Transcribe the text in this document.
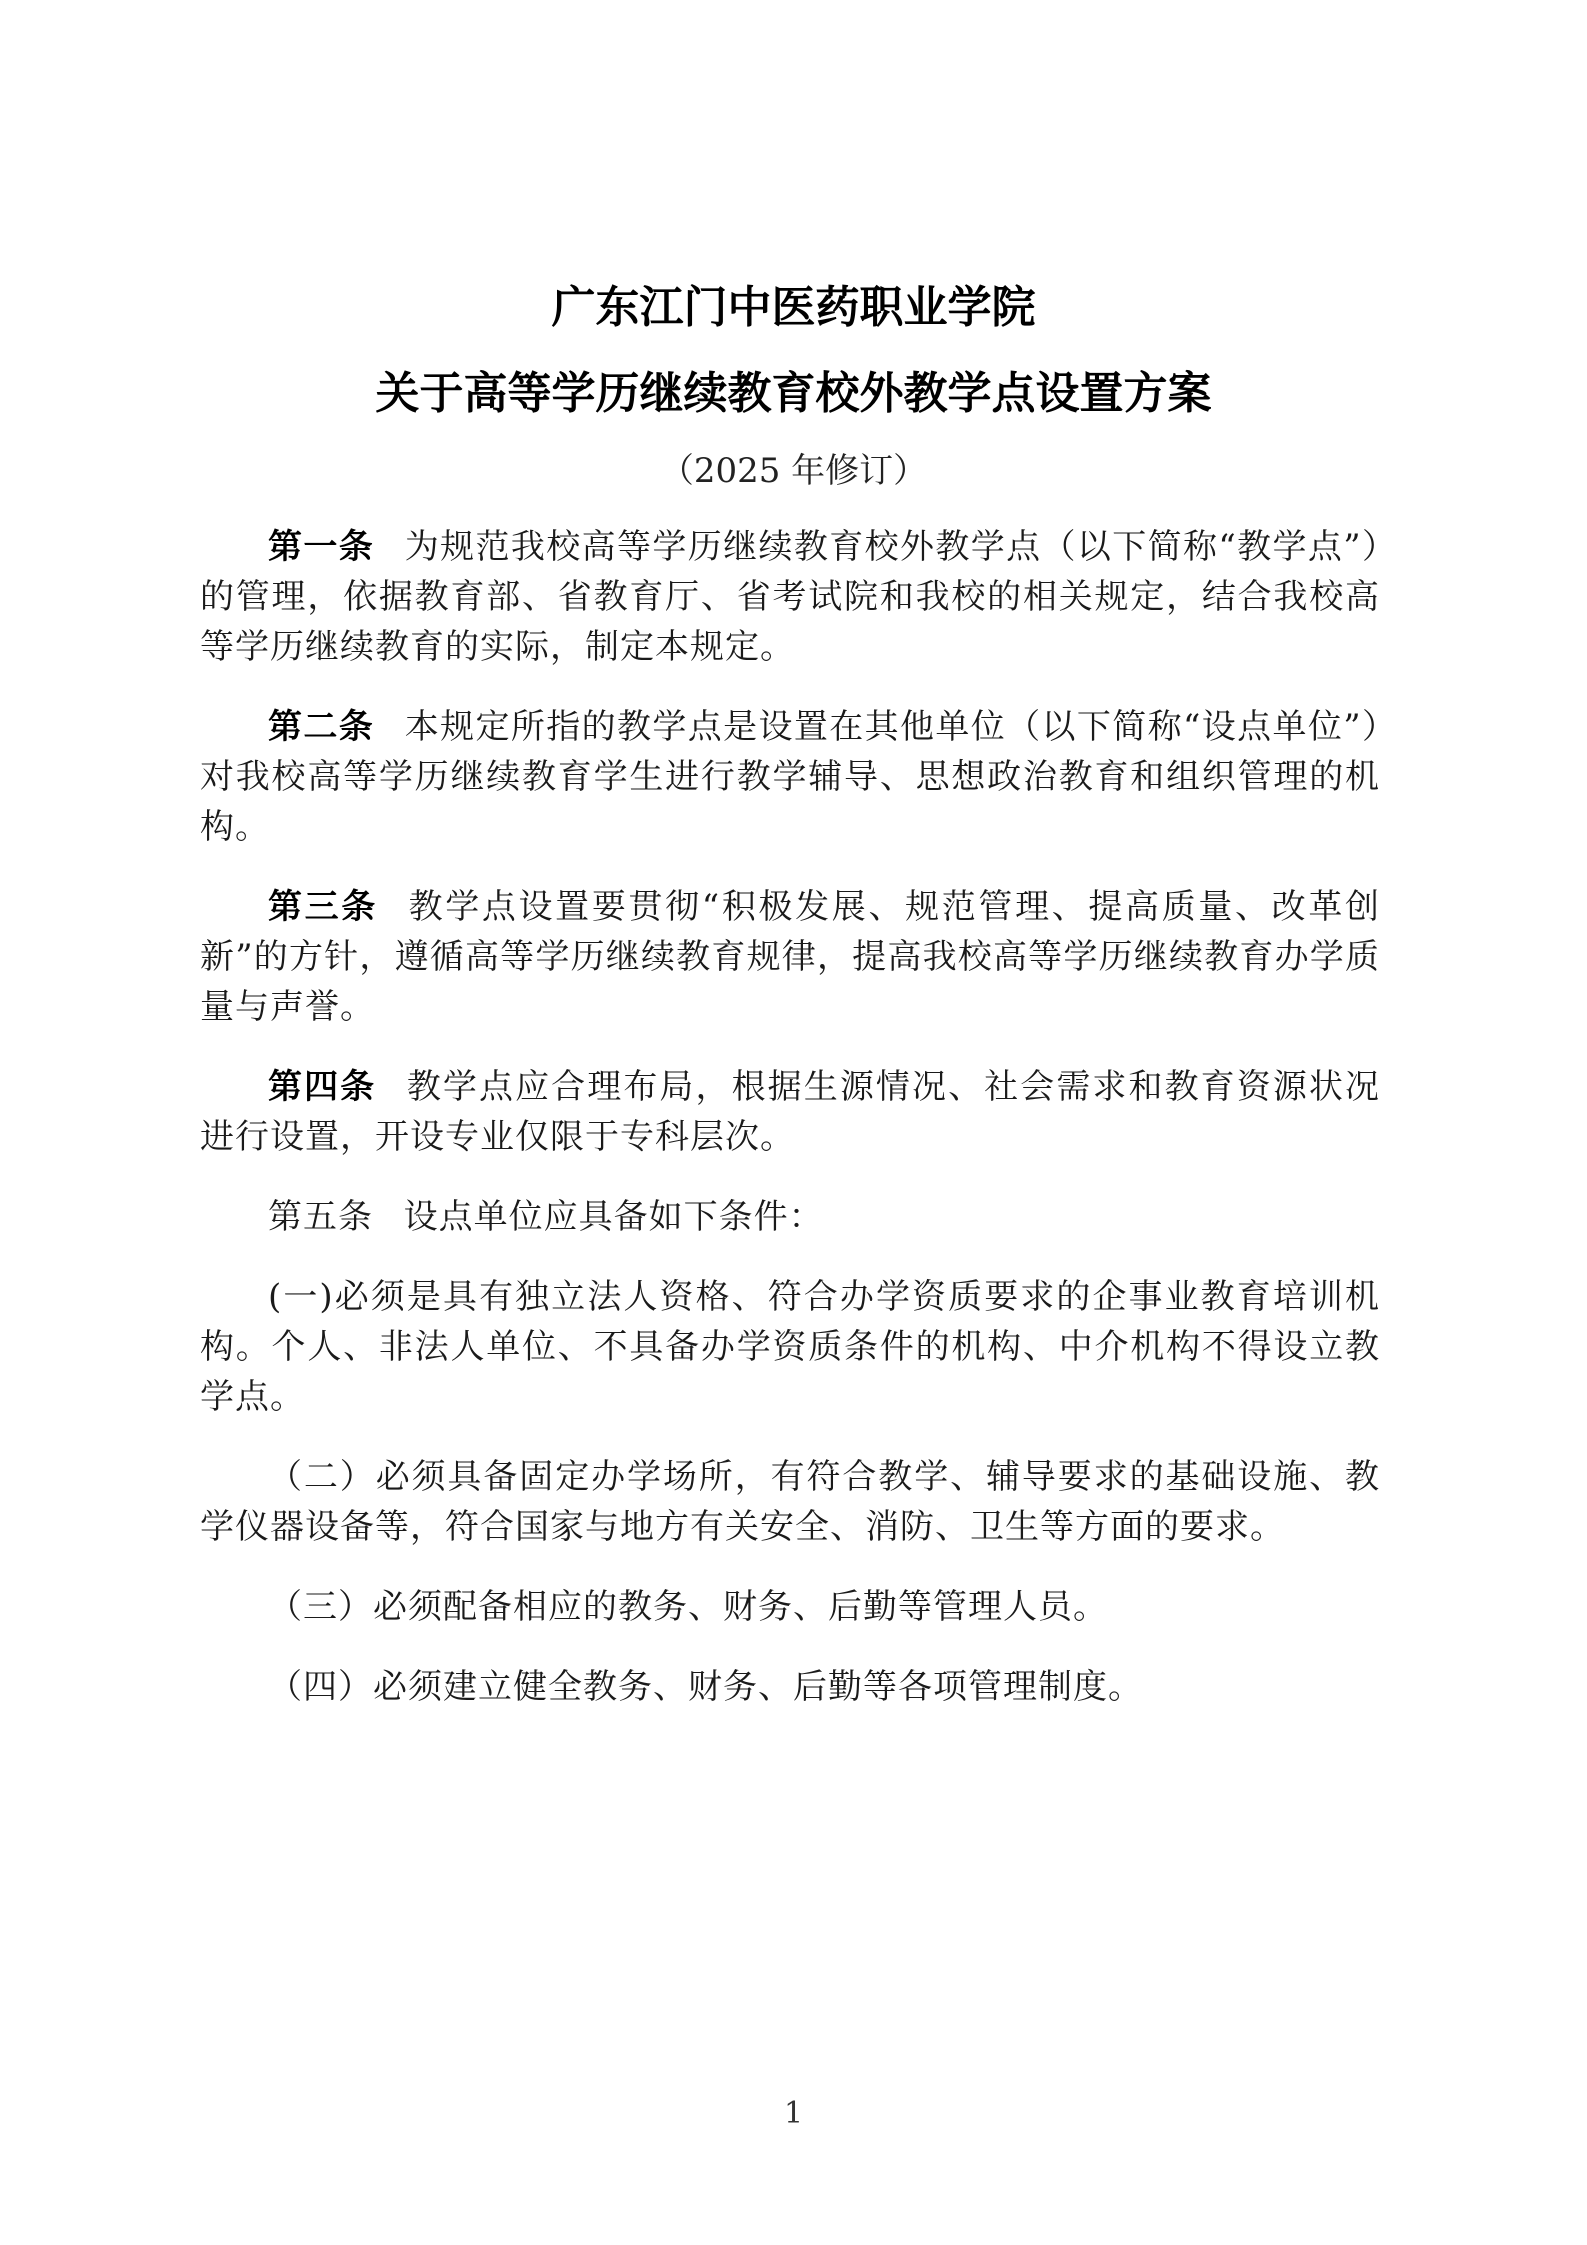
广东江门中医药职业学院
关于高等学历继续教育校外教学点设置方案
（2025 年修订）

第一条 为规范我校高等学历继续教育校外教学点（以下简称“教学点”）的管理，依据教育部、省教育厅、省考试院和我校的相关规定，结合我校高等学历继续教育的实际，制定本规定。

第二条 本规定所指的教学点是设置在其他单位（以下简称“设点单位”）对我校高等学历继续教育学生进行教学辅导、思想政治教育和组织管理的机构。

第三条 教学点设置要贯彻“积极发展、规范管理、提高质量、改革创新”的方针，遵循高等学历继续教育规律，提高我校高等学历继续教育办学质量与声誉。

第四条 教学点应合理布局，根据生源情况、社会需求和教育资源状况进行设置，开设专业仅限于专科层次。

第五条 设点单位应具备如下条件：

(一)必须是具有独立法人资格、符合办学资质要求的企事业教育培训机构。个人、非法人单位、不具备办学资质条件的机构、中介机构不得设立教学点。

（二）必须具备固定办学场所，有符合教学、辅导要求的基础设施、教学仪器设备等，符合国家与地方有关安全、消防、卫生等方面的要求。

（三）必须配备相应的教务、财务、后勤等管理人员。

（四）必须建立健全教务、财务、后勤等各项管理制度。

1
